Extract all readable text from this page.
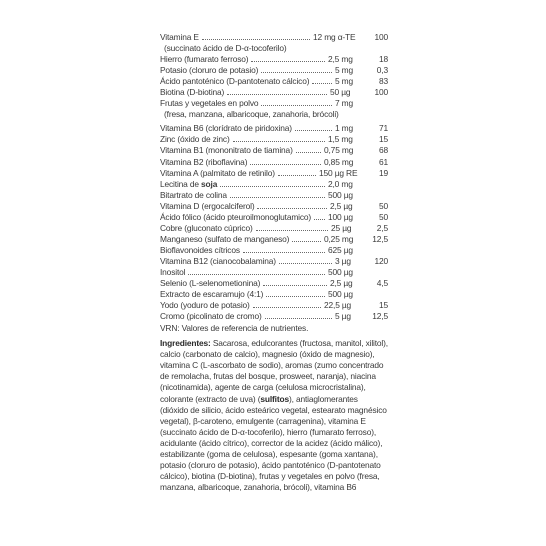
Vitamina E	12 mg α-TE 100
(succinato ácido de D-α-tocoferilo)
Hierro (fumarato ferroso)	2,5 mg	18
Potasio (cloruro de potasio)	5 mg	0,3
Ácido pantoténico (D-pantotenato cálcico)	5 mg	83
Biotina (D-biotina)	50 µg	100
Frutas y vegetales en polvo	7 mg
(fresa, manzana, albaricoque, zanahoria, brócoli)
Vitamina B6 (clorídrato de piridoxina)	1 mg	71
Zinc (óxido de zinc)	1,5 mg	15
Vitamina B1 (mononitrato de tiamina)	0,75 mg	68
Vitamina B2 (riboflavina)	0,85 mg	61
Vitamina A (palmitato de retinilo)	150 µg RE	19
Lecitina de soja	2,0 mg
Bitartrato de colina	500 µg
Vitamina D (ergocalciferol)	2,5 µg	50
Ácido fólico (ácido pteuroilmonoglutamico) 100 µg	50
Cobre (gluconato cúprico)	25 µg	2,5
Manganeso (sulfato de manganeso)	0,25 mg 12,5
Bioflavonoides cítricos	625 µg
Vitamina B12 (cianocobalamina)	3 µg	120
Inositol	500 µg
Selenio (L-selenometionina)	2,5 µg	4,5
Extracto de escaramujo (4:1)	500 µg
Yodo (yoduro de potasio)	22,5 µg	15
Cromo (picolinato de cromo)	5 µg	12,5
VRN: Valores de referencia de nutrientes.
Ingredientes: Sacarosa, edulcorantes (fructosa, manitol, xilitol), calcio (carbonato de calcio), magnesio (óxido de magnesio), vitamina C (L-ascorbato de sodio), aromas (zumo concentrado de remolacha, frutas del bosque, prosweet, naranja), niacina (nicotinamida), agente de carga (celulosa microcristalina), colorante (extracto de uva) (sulfitos), antiaglomerantes (dióxido de silicio, ácido esteárico vegetal, estearato magnésico vegetal), β-caroteno, emulgente (carragenina), vitamina E (succinato ácido de D-α-tocoferilo), hierro (fumarato ferroso), acidulante (ácido cítrico), corrector de la acidez (ácido málico), estabilizante (goma de celulosa), espesante (goma xantana), potasio (cloruro de potasio), ácido pantoténico (D-pantotenato cálcico), biotina (D-biotina), frutas y vegetales en polvo (fresa, manzana, albaricoque, zanahoria, brócoli), vitamina B6
